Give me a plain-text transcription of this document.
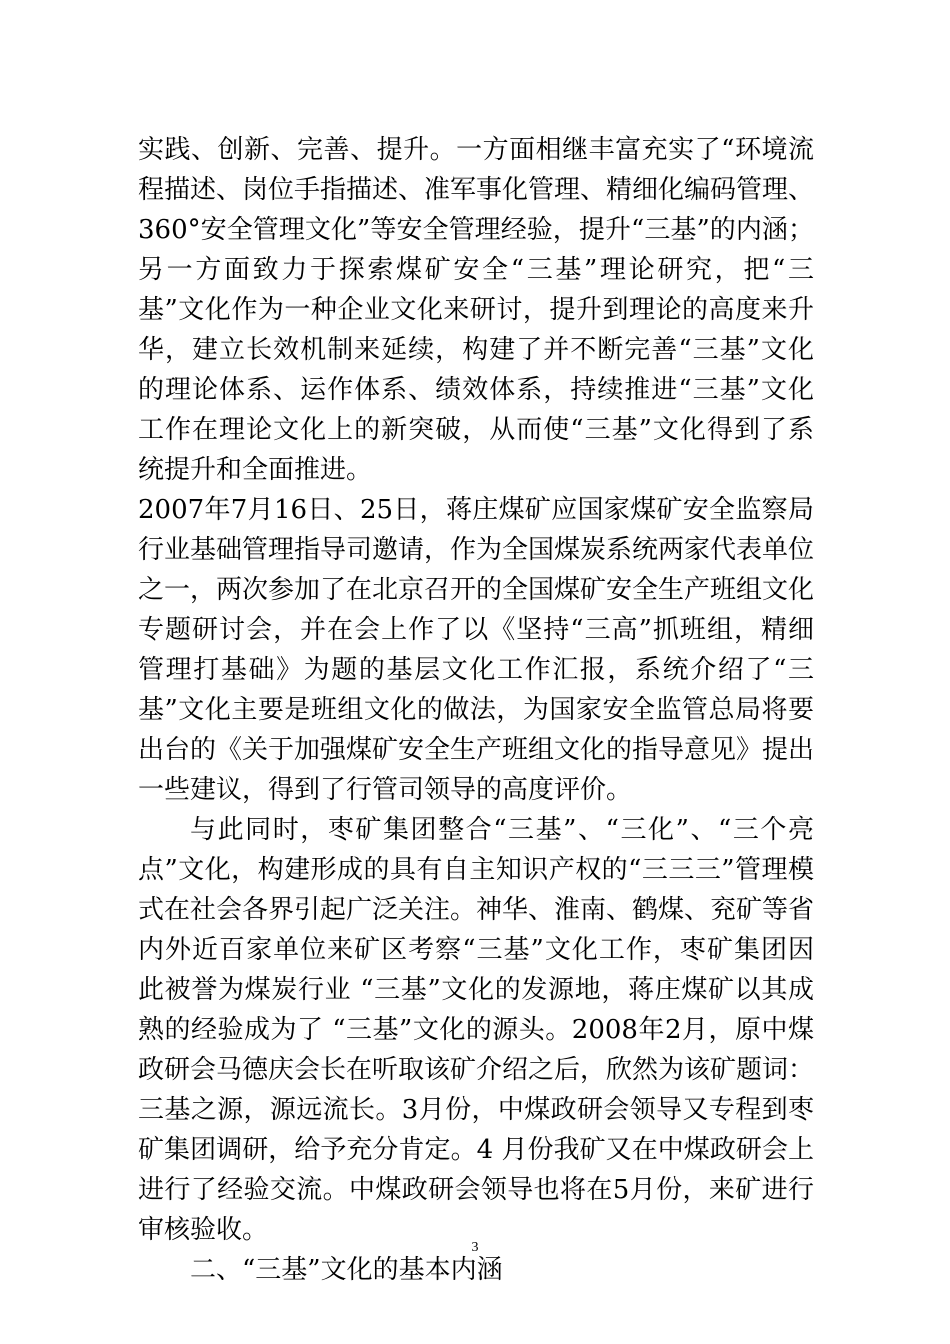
实践、创新、完善、提升。一方面相继丰富充实了“环境流程描述、岗位手指描述、准军事化管理、精细化编码管理、360°安全管理文化”等安全管理经验，提升“三基”的内涵；另一方面致力于探索煤矿安全“三基”理论研究，把“三基”文化作为一种企业文化来研讨，提升到理论的高度来升华，建立长效机制来延续，构建了并不断完善“三基”文化的理论体系、运作体系、绩效体系，持续推进“三基”文化工作在理论文化上的新突破，从而使“三基”文化得到了系统提升和全面推进。

2007年7月16日、25日，蒋庄煤矿应国家煤矿安全监察局行业基础管理指导司邀请，作为全国煤炭系统两家代表单位之一，两次参加了在北京召开的全国煤矿安全生产班组文化专题研讨会，并在会上作了以《坚持“三高”抓班组，精细管理打基础》为题的基层文化工作汇报，系统介绍了“三基”文化主要是班组文化的做法，为国家安全监管总局将要出台的《关于加强煤矿安全生产班组文化的指导意见》提出一些建议，得到了行管司领导的高度评价。

与此同时，枣矿集团整合“三基”、“三化”、“三个亮点”文化，构建形成的具有自主知识产权的“三三三”管理模式在社会各界引起广泛关注。神华、淮南、鹤煤、兖矿等省内外近百家单位来矿区考察“三基”文化工作，枣矿集团因此被誉为煤炭行业 “三基”文化的发源地，蒋庄煤矿以其成熟的经验成为了 “三基”文化的源头。2008年2月，原中煤政研会马德庆会长在听取该矿介绍之后，欣然为该矿题词：三基之源，源远流长。3月份，中煤政研会领导又专程到枣矿集团调研，给予充分肯定。4 月份我矿又在中煤政研会上进行了经验交流。中煤政研会领导也将在5月份，来矿进行审核验收。

二、“三基”文化的基本内涵

3
